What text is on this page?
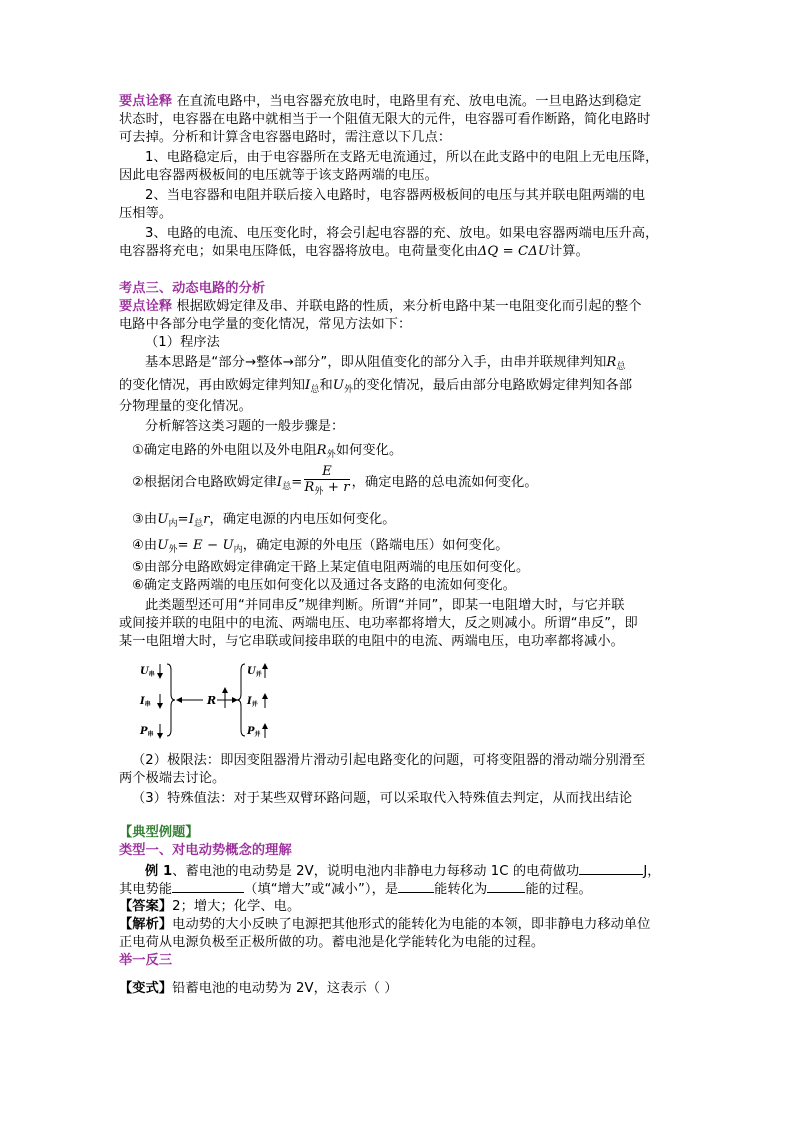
要点诠释 在直流电路中，当电容器充放电时，电路里有充、放电电流。一旦电路达到稳定
状态时，电容器在电路中就相当于一个阻值无限大的元件，电容器可看作断路，简化电路时
可去掉。分析和计算含电容器电路时，需注意以下几点：
1、电路稳定后，由于电容器所在支路无电流通过，所以在此支路中的电阻上无电压降，
因此电容器两极板间的电压就等于该支路两端的电压。
2、当电容器和电阻并联后接入电路时，电容器两极板间的电压与其并联电阻两端的电
压相等。
3、电路的电流、电压变化时，将会引起电容器的充、放电。如果电容器两端电压升高，
电容器将充电；如果电压降低，电容器将放电。电荷量变化由ΔQ = CΔU计算。
考点三、动态电路的分析
要点诠释 根据欧姆定律及串、并联电路的性质，来分析电路中某一电阻变化而引起的整个
电路中各部分电学量的变化情况，常见方法如下：
（1）程序法
基本思路是“部分→整体→部分”，即从阻值变化的部分入手，由串并联规律判知$R_总$
的变化情况，再由欧姆定律判知$I_总$和$U_外$的变化情况，最后由部分电路欧姆定律判知各部
分物理量的变化情况。
分析解答这类习题的一般步骤是：
①确定电路的外电阻以及外电阻$R_外$如何变化。
②根据闭合电路欧姆定律$I_总= \frac{E}{R_外 + r}$ ，确定电路的总电流如何变化。
③由$U_内=I_总r$，确定电源的内电压如何变化。
④由$U_外= E - U_内$，确定电源的外电压（路端电压）如何变化。
⑤由部分电路欧姆定律确定干路上某定值电阻两端的电压如何变化。
⑥确定支路两端的电压如何变化以及通过各支路的电流如何变化。
此类题型还可用“并同串反”规律判断。所谓“并同”，即某一电阻增大时，与它并联
或间接并联的电阻中的电流、两端电压、电功率都将增大，反之则减小。所谓“串反”，即
某一电阻增大时，与它串联或间接串联的电阻中的电流、两端电压，电功率都将减小。
$U_串$
$I_串$
$P_串$
R
$U_并$
$I_并$
$P_并$
（2）极限法：即因变阻器滑片滑动引起电路变化的问题，可将变阻器的滑动端分别滑至
两个极端去讨论。
（3）特殊值法：对于某些双臂环路问题，可以采取代入特殊值去判定，从而找出结论
【典型例题】
类型一、对电动势概念的理解
例 1、蓄电池的电动势是 2V，说明电池内非静电力每移动 1C 的电荷做功	J，
其电势能	（填“增大”或“减小”），是	能转化为	能的过程。
【答案】2；增大；化学、电。
【解析】电动势的大小反映了电源把其他形式的能转化为电能的本领，即非静电力移动单位
正电荷从电源负极至正极所做的功。蓄电池是化学能转化为电能的过程。
举一反三
【变式】铅蓄电池的电动势为 2V，这表示（ ）
